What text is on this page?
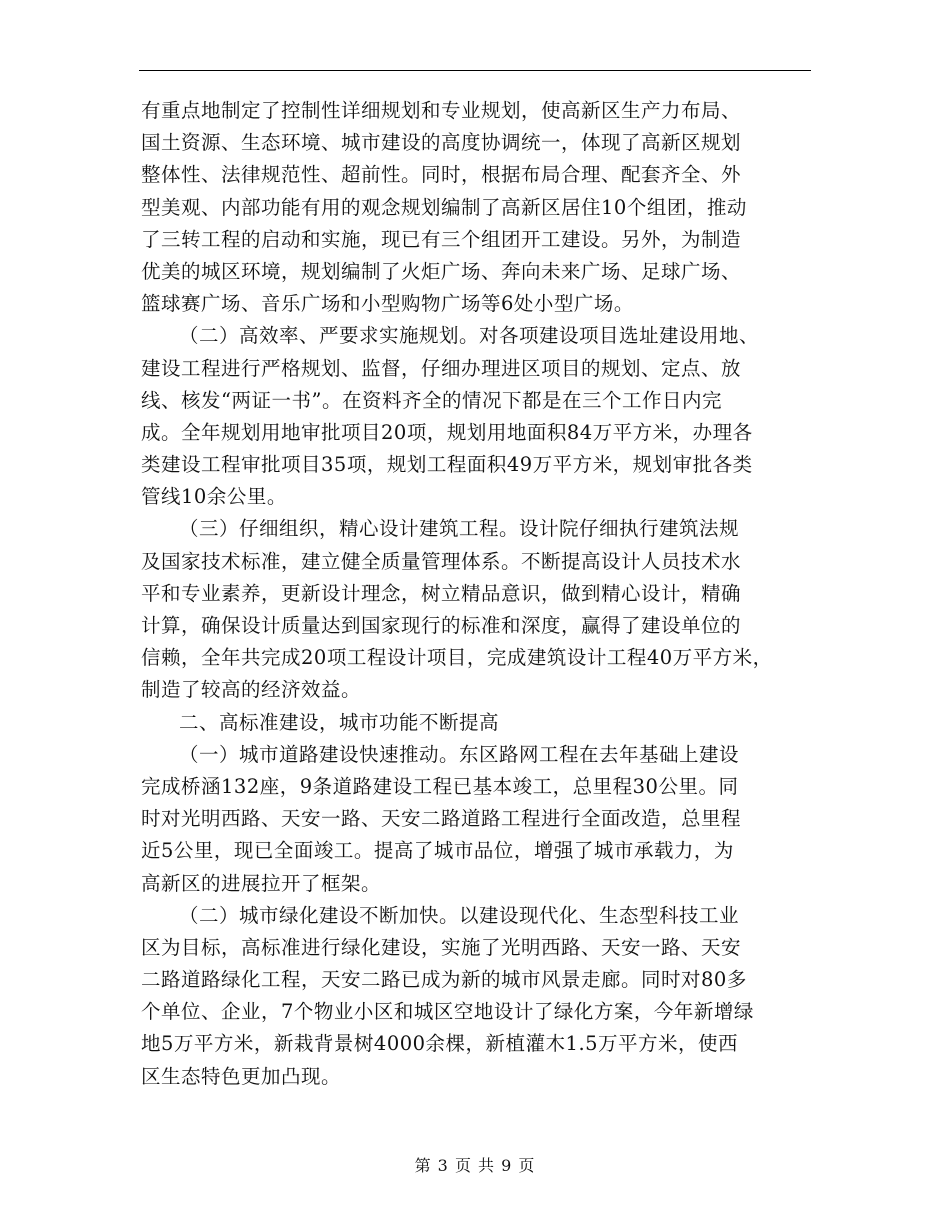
有重点地制定了控制性详细规划和专业规划，使高新区生产力布局、
国土资源、生态环境、城市建设的高度协调统一，体现了高新区规划
整体性、法律规范性、超前性。同时，根据布局合理、配套齐全、外
型美观、内部功能有用的观念规划编制了高新区居住10个组团，推动
了三转工程的启动和实施，现已有三个组团开工建设。另外，为制造
优美的城区环境，规划编制了火炬广场、奔向未来广场、足球广场、
篮球赛广场、音乐广场和小型购物广场等6处小型广场。
（二）高效率、严要求实施规划。对各项建设项目选址建设用地、
建设工程进行严格规划、监督，仔细办理进区项目的规划、定点、放
线、核发“两证一书”。在资料齐全的情况下都是在三个工作日内完
成。全年规划用地审批项目20项，规划用地面积84万平方米，办理各
类建设工程审批项目35项，规划工程面积49万平方米，规划审批各类
管线10余公里。
（三）仔细组织，精心设计建筑工程。设计院仔细执行建筑法规
及国家技术标准，建立健全质量管理体系。不断提高设计人员技术水
平和专业素养，更新设计理念，树立精品意识，做到精心设计，精确
计算，确保设计质量达到国家现行的标准和深度，赢得了建设单位的
信赖，全年共完成20项工程设计项目，完成建筑设计工程40万平方米，
制造了较高的经济效益。
二、高标准建设，城市功能不断提高
（一）城市道路建设快速推动。东区路网工程在去年基础上建设
完成桥涵132座，9条道路建设工程已基本竣工，总里程30公里。同
时对光明西路、天安一路、天安二路道路工程进行全面改造，总里程
近5公里，现已全面竣工。提高了城市品位，增强了城市承载力，为
高新区的进展拉开了框架。
（二）城市绿化建设不断加快。以建设现代化、生态型科技工业
区为目标，高标准进行绿化建设，实施了光明西路、天安一路、天安
二路道路绿化工程，天安二路已成为新的城市风景走廊。同时对80多
个单位、企业，7个物业小区和城区空地设计了绿化方案，今年新增绿
地5万平方米，新栽背景树4000余棵，新植灌木1.5万平方米，使西
区生态特色更加凸现。
第 3 页 共 9 页
